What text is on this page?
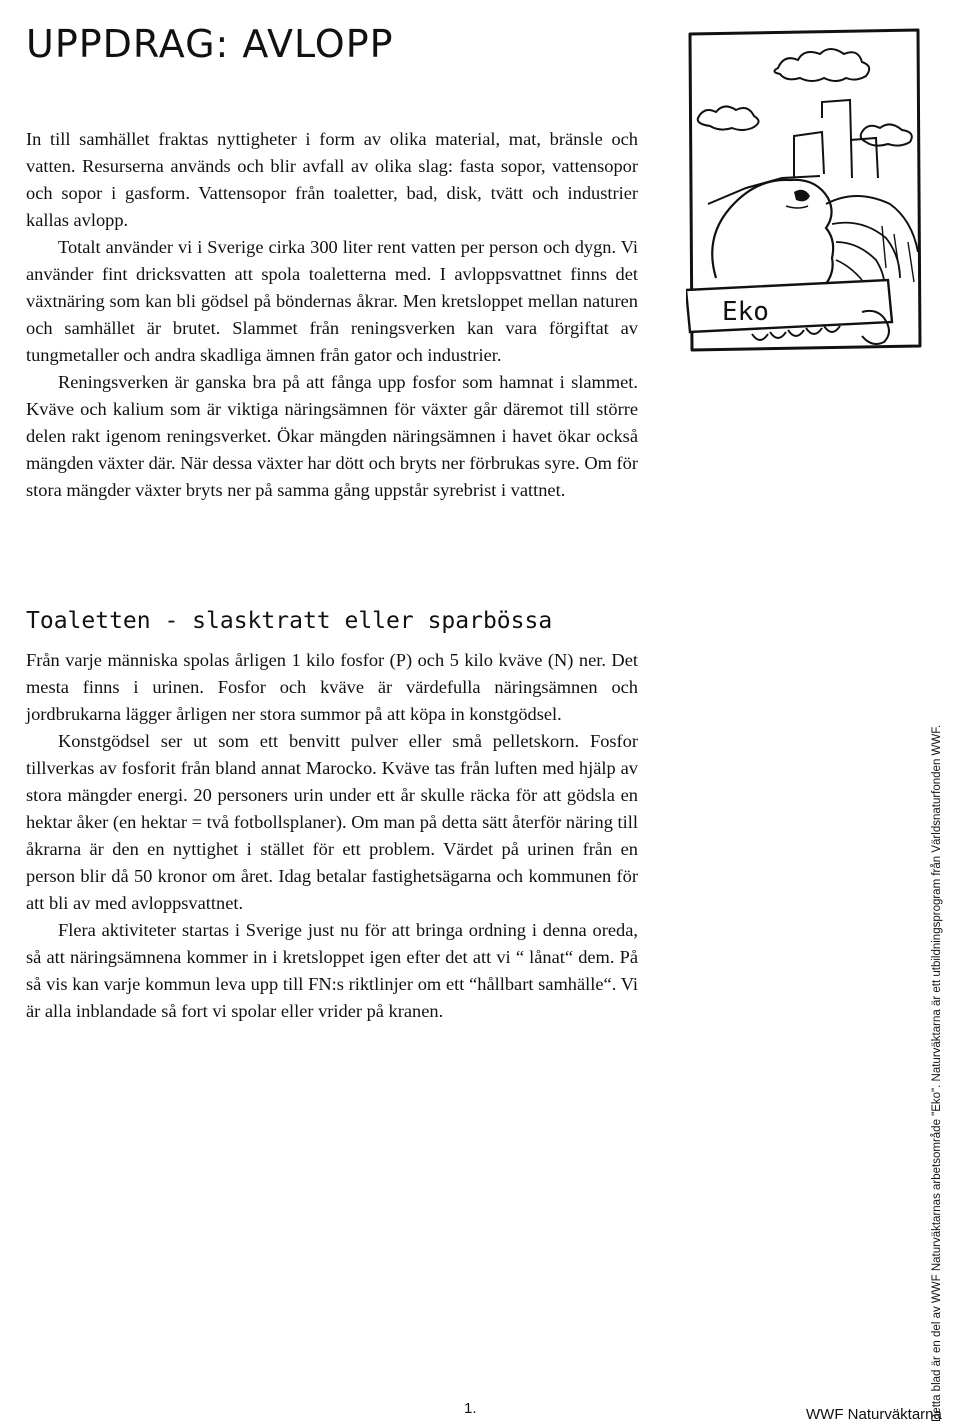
UPPDRAG: AVLOPP

In till samhället fraktas nyttigheter i form av olika material, mat, bränsle och vatten. Resurserna används och blir avfall av olika slag: fasta sopor, vattensopor och sopor i gasform. Vattensopor från toaletter, bad, disk, tvätt och industrier kallas avlopp.

Totalt använder vi i Sverige cirka 300 liter rent vatten per person och dygn. Vi använder fint dricksvatten att spola toaletterna med. I avloppsvattnet finns det växtnäring som kan bli gödsel på böndernas åkrar. Men kretsloppet mellan naturen och samhället är brutet. Slammet från reningsverken kan vara förgiftat av tungmetaller och andra skadliga ämnen från gator och industrier.

Reningsverken är ganska bra på att fånga upp fosfor som hamnat i slammet. Kväve och kalium som är viktiga näringsämnen för växter går däremot till större delen rakt igenom reningsverket. Ökar mängden näringsämnen i havet ökar också mängden växter där. När dessa växter har dött och bryts ner förbrukas syre. Om för stora mängder växter bryts ner på samma gång uppstår syrebrist i vattnet.

Eko
Toaletten - slasktratt eller sparbössa

Från varje människa spolas årligen 1 kilo fosfor (P) och 5 kilo kväve (N) ner. Det mesta finns i urinen. Fosfor och kväve är värdefulla näringsämnen och jordbrukarna lägger årligen ner stora summor på att köpa in konstgödsel.

Konstgödsel ser ut som ett benvitt pulver eller små pelletskorn. Fosfor tillverkas av fosforit från bland annat Marocko. Kväve tas från luften med hjälp av stora mängder energi. 20 personers urin under ett år skulle räcka för att gödsla en hektar åker (en hektar = två fotbollsplaner). Om man på detta sätt återför näring till åkrarna är den en nyttighet i stället för ett problem. Värdet på urinen från en person blir då 50 kronor om året. Idag betalar fastighetsägarna och kommunen för att bli av med avloppsvattnet.

Flera aktiviteter startas i Sverige just nu för att bringa ordning i denna oreda, så att näringsämnena kommer in i kretsloppet igen efter det att vi “ lånat“ dem. På så vis kan varje kommun leva upp till FN:s riktlinjer om ett “hållbart samhälle“. Vi är alla inblandade så fort vi spolar eller vrider på kranen.	Detta blad är en del av WWF Naturväktarnas arbetsområde "Eko". Naturväktarna är ett utbildningsprogram från Världsnaturfonden WWF.
1.	WWF Naturväktarna
